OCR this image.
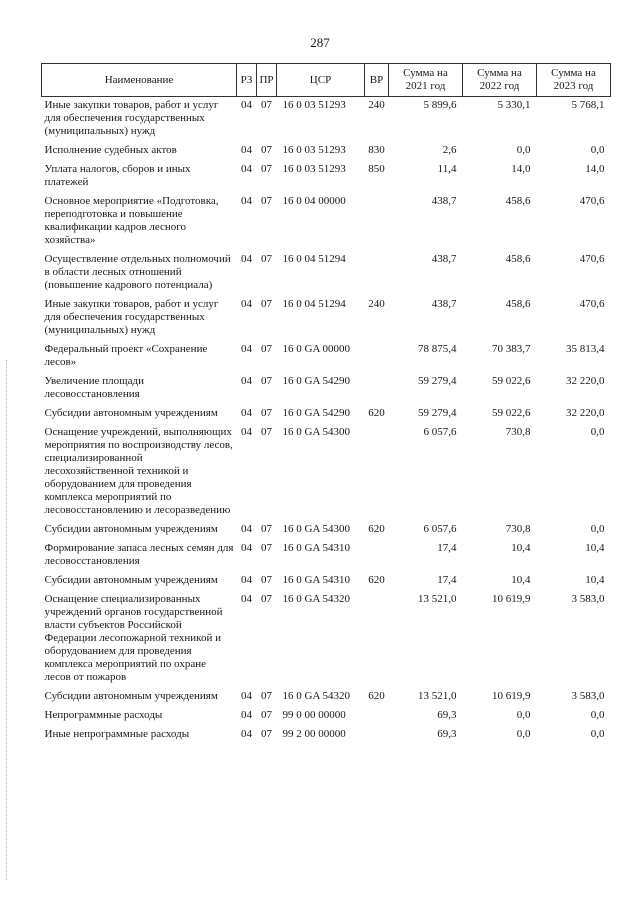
287
Наименование	РЗ	ПР	ЦСР	ВР	Сумма на 2021 год	Сумма на 2022 год	Сумма на 2023 год
Иные закупки товаров, работ и услуг для обеспечения государственных (муниципальных) нужд	04	07	16 0 03 51293	240	5 899,6	5 330,1	5 768,1
Исполнение судебных актов	04	07	16 0 03 51293	830	2,6	0,0	0,0
Уплата налогов, сборов и иных платежей	04	07	16 0 03 51293	850	11,4	14,0	14,0
Основное мероприятие «Подготовка, переподготовка и повышение квалификации кадров лесного хозяйства»	04	07	16 0 04 00000		438,7	458,6	470,6
Осуществление отдельных полномочий в области лесных отношений (повышение кадрового потенциала)	04	07	16 0 04 51294		438,7	458,6	470,6
Иные закупки товаров, работ и услуг для обеспечения государственных (муниципальных) нужд	04	07	16 0 04 51294	240	438,7	458,6	470,6
Федеральный проект «Сохранение лесов»	04	07	16 0 GA 00000		78 875,4	70 383,7	35 813,4
Увеличение площади лесовосстановления	04	07	16 0 GA 54290		59 279,4	59 022,6	32 220,0
Субсидии автономным учреждениям	04	07	16 0 GA 54290	620	59 279,4	59 022,6	32 220,0
Оснащение учреждений, выполняющих мероприятия по воспроизводству лесов, специализированной лесохозяйственной техникой и оборудованием для проведения комплекса мероприятий по лесовосстановлению и лесоразведению	04	07	16 0 GA 54300		6 057,6	730,8	0,0
Субсидии автономным учреждениям	04	07	16 0 GA 54300	620	6 057,6	730,8	0,0
Формирование запаса лесных семян для лесовосстановления	04	07	16 0 GA 54310		17,4	10,4	10,4
Субсидии автономным учреждениям	04	07	16 0 GA 54310	620	17,4	10,4	10,4
Оснащение специализированных учреждений органов государственной власти субъектов Российской Федерации лесопожарной техникой и оборудованием для проведения комплекса мероприятий по охране лесов от пожаров	04	07	16 0 GA 54320		13 521,0	10 619,9	3 583,0
Субсидии автономным учреждениям	04	07	16 0 GA 54320	620	13 521,0	10 619,9	3 583,0
Непрограммные расходы	04	07	99 0 00 00000		69,3	0,0	0,0
Иные непрограммные расходы	04	07	99 2 00 00000		69,3	0,0	0,0
